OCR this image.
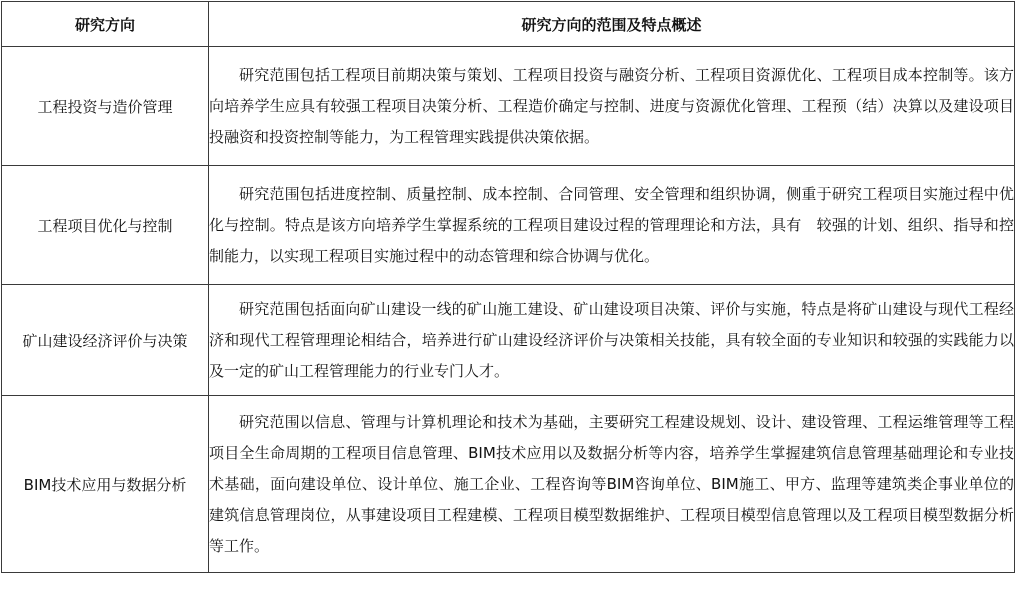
研究方向	研究方向的范围及特点概述
工程投资与造价管理	研究范围包括工程项目前期决策与策划、工程项目投资与融资分析、工程项目资源优化、工程项目成本控制等。该方向培养学生应具有较强工程项目决策分析、工程造价确定与控制、进度与资源优化管理、工程预（结）决算以及建设项目投融资和投资控制等能力，为工程管理实践提供决策依据。
工程项目优化与控制	研究范围包括进度控制、质量控制、成本控制、合同管理、安全管理和组织协调，侧重于研究工程项目实施过程中优化与控制。特点是该方向培养学生掌握系统的工程项目建设过程的管理理论和方法，具有　较强的计划、组织、指导和控制能力，以实现工程项目实施过程中的动态管理和综合协调与优化。
矿山建设经济评价与决策	研究范围包括面向矿山建设一线的矿山施工建设、矿山建设项目决策、评价与实施，特点是将矿山建设与现代工程经济和现代工程管理理论相结合，培养进行矿山建设经济评价与决策相关技能，具有较全面的专业知识和较强的实践能力以及一定的矿山工程管理能力的行业专门人才。
BIM技术应用与数据分析	研究范围以信息、管理与计算机理论和技术为基础，主要研究工程建设规划、设计、建设管理、工程运维管理等工程项目全生命周期的工程项目信息管理、BIM技术应用以及数据分析等内容，培养学生掌握建筑信息管理基础理论和专业技术基础，面向建设单位、设计单位、施工企业、工程咨询等BIM咨询单位、BIM施工、甲方、监理等建筑类企事业单位的建筑信息管理岗位，从事建设项目工程建模、工程项目模型数据维护、工程项目模型信息管理以及工程项目模型数据分析等工作。
